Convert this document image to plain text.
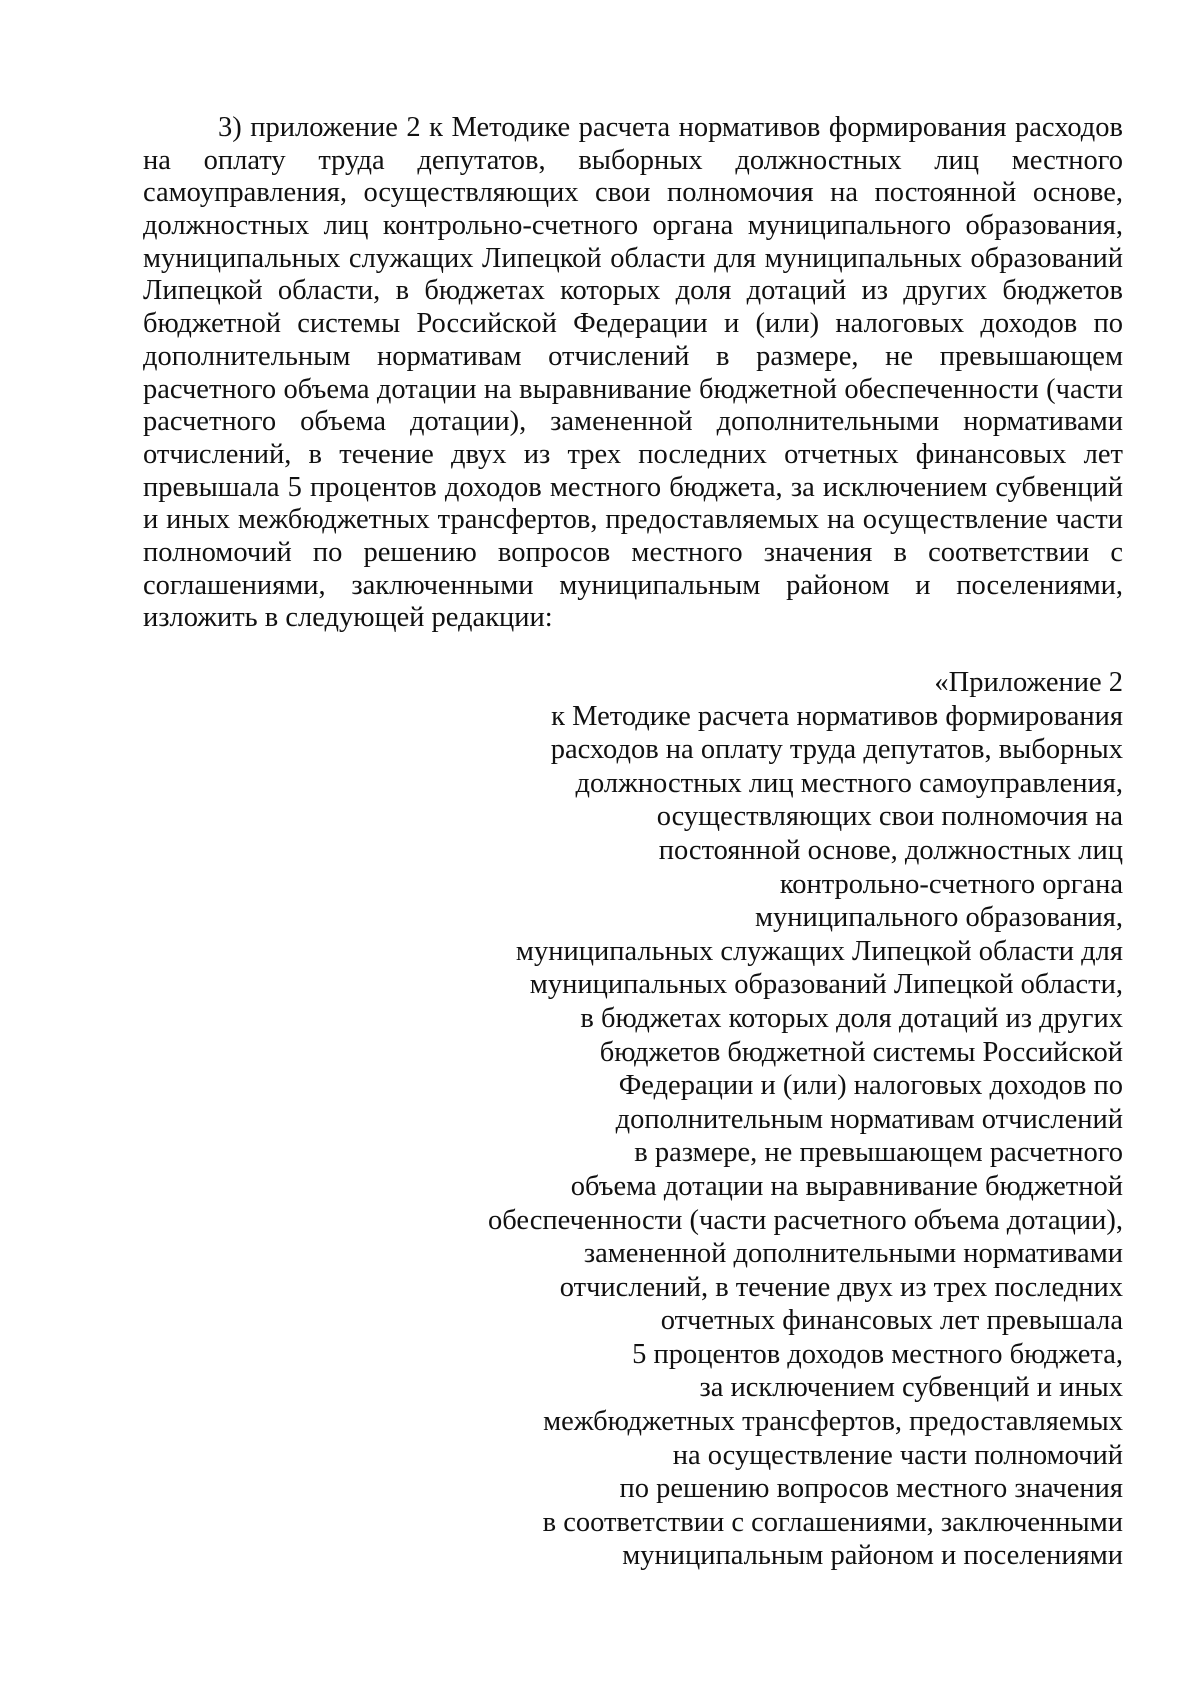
3) приложение 2 к Методике расчета нормативов формирования расходов
на оплату труда депутатов, выборных должностных лиц местного
самоуправления, осуществляющих свои полномочия на постоянной основе,
должностных лиц контрольно-счетного органа муниципального образования,
муниципальных служащих Липецкой области для муниципальных образований
Липецкой области, в бюджетах которых доля дотаций из других бюджетов
бюджетной системы Российской Федерации и (или) налоговых доходов по
дополнительным нормативам отчислений в размере, не превышающем
расчетного объема дотации на выравнивание бюджетной обеспеченности (части
расчетного объема дотации), замененной дополнительными нормативами
отчислений, в течение двух из трех последних отчетных финансовых лет
превышала 5 процентов доходов местного бюджета, за исключением субвенций
и иных межбюджетных трансфертов, предоставляемых на осуществление части
полномочий по решению вопросов местного значения в соответствии с
соглашениями, заключенными муниципальным районом и поселениями,
изложить в следующей редакции:
«Приложение 2
к Методике расчета нормативов формирования
расходов на оплату труда депутатов, выборных
должностных лиц местного самоуправления,
осуществляющих свои полномочия на
постоянной основе, должностных лиц
контрольно-счетного органа
муниципального образования,
муниципальных служащих Липецкой области для
муниципальных образований Липецкой области,
в бюджетах которых доля дотаций из других
бюджетов бюджетной системы Российской
Федерации и (или) налоговых доходов по
дополнительным нормативам отчислений
в размере, не превышающем расчетного
объема дотации на выравнивание бюджетной
обеспеченности (части расчетного объема дотации),
замененной дополнительными нормативами
отчислений, в течение двух из трех последних
отчетных финансовых лет превышала
5 процентов доходов местного бюджета,
за исключением субвенций и иных
межбюджетных трансфертов, предоставляемых
на осуществление части полномочий
по решению вопросов местного значения
в соответствии с соглашениями, заключенными
муниципальным районом и поселениями
